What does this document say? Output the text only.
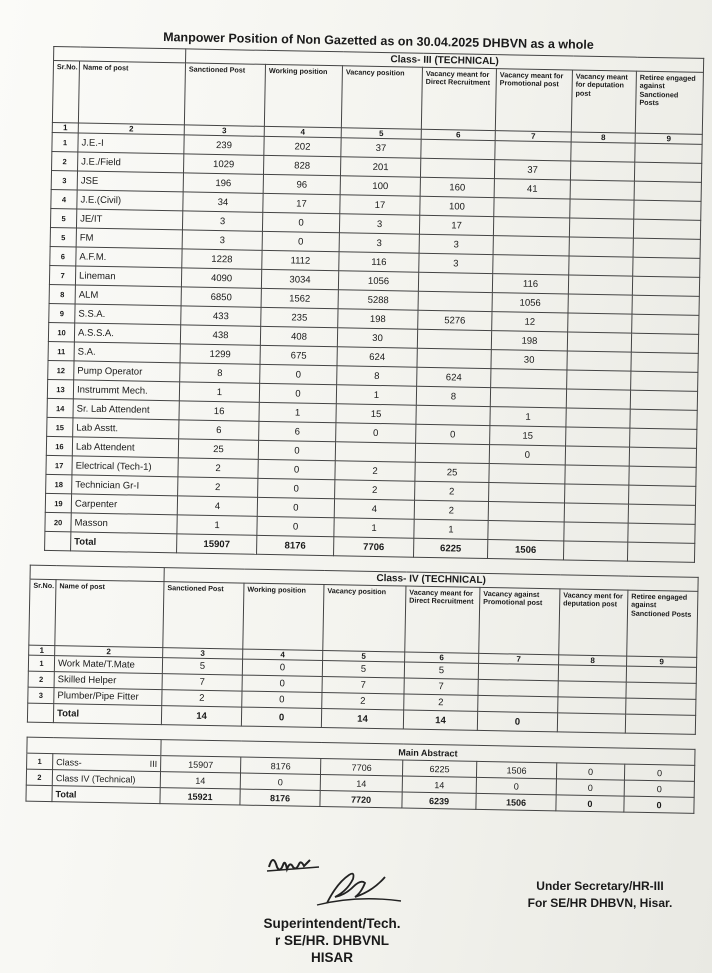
Manpower Position of Non Gazetted as on 30.04.2025 DHBVN as a whole
		Class- III (TECHNICAL)						
Sr.No.	Name of post	Sanctioned Post	Working position	Vacancy position	Vacancy meant for Direct Recruitment	Vacancy meant for Promotional post	Vacancy meant for deputation post	Retiree engaged against Sanctioned Posts
1	2	3	4	5	6	7	8	9
1	J.E.-I	239	202	37				
2	J.E./Field	1029	828	201		37		
3	JSE	196	96	100	160	41		
4	J.E.(Civil)	34	17	17	100			
5	JE/IT	3	0	3	17			
5	FM	3	0	3	3			
6	A.F.M.	1228	1112	116	3			
7	Lineman	4090	3034	1056		116		
8	ALM	6850	1562	5288		1056		
9	S.S.A.	433	235	198	5276	12		
10	A.S.S.A.	438	408	30		198		
11	S.A.	1299	675	624		30		
12	Pump Operator	8	0	8	624			
13	Instrummt Mech.	1	0	1	8			
14	Sr. Lab Attendent	16	1	15		1		
15	Lab Asstt.	6	6	0	0	15		
16	Lab Attendent	25	0			0		
17	Electrical (Tech-1)	2	0	2	25			
18	Technician Gr-I	2	0	2	2			
19	Carpenter	4	0	4	2			
20	Masson	1	0	1	1			
	Total	15907	8176	7706	6225	1506		
		Class- IV (TECHNICAL)						
Sr.No.	Name of post	Sanctioned Post	Working position	Vacancy position	Vacancy meant for Direct Recruitment	Vacancy against Promotional post	Vacancy ment for deputation post	Retiree engaged against Sanctioned Posts
1	2	3	4	5	6	7	8	9
1	Work Mate/T.Mate	5	0	5	5			
2	Skilled Helper	7	0	7	7			
3	Plumber/Pipe Fitter	2	0	2	2			
	Total	14	0	14	14	0		
		Main Abstract						
1	Class- III	15907	8176	7706	6225	1506	0	0
2	Class IV (Technical)	14	0	14	14	0	0	0
	Total	15921	8176	7720	6239	1506	0	0
Superintendent/Tech.
r SE/HR. DHBVNL
HISAR
Under Secretary/HR-III
For SE/HR DHBVN, Hisar.
